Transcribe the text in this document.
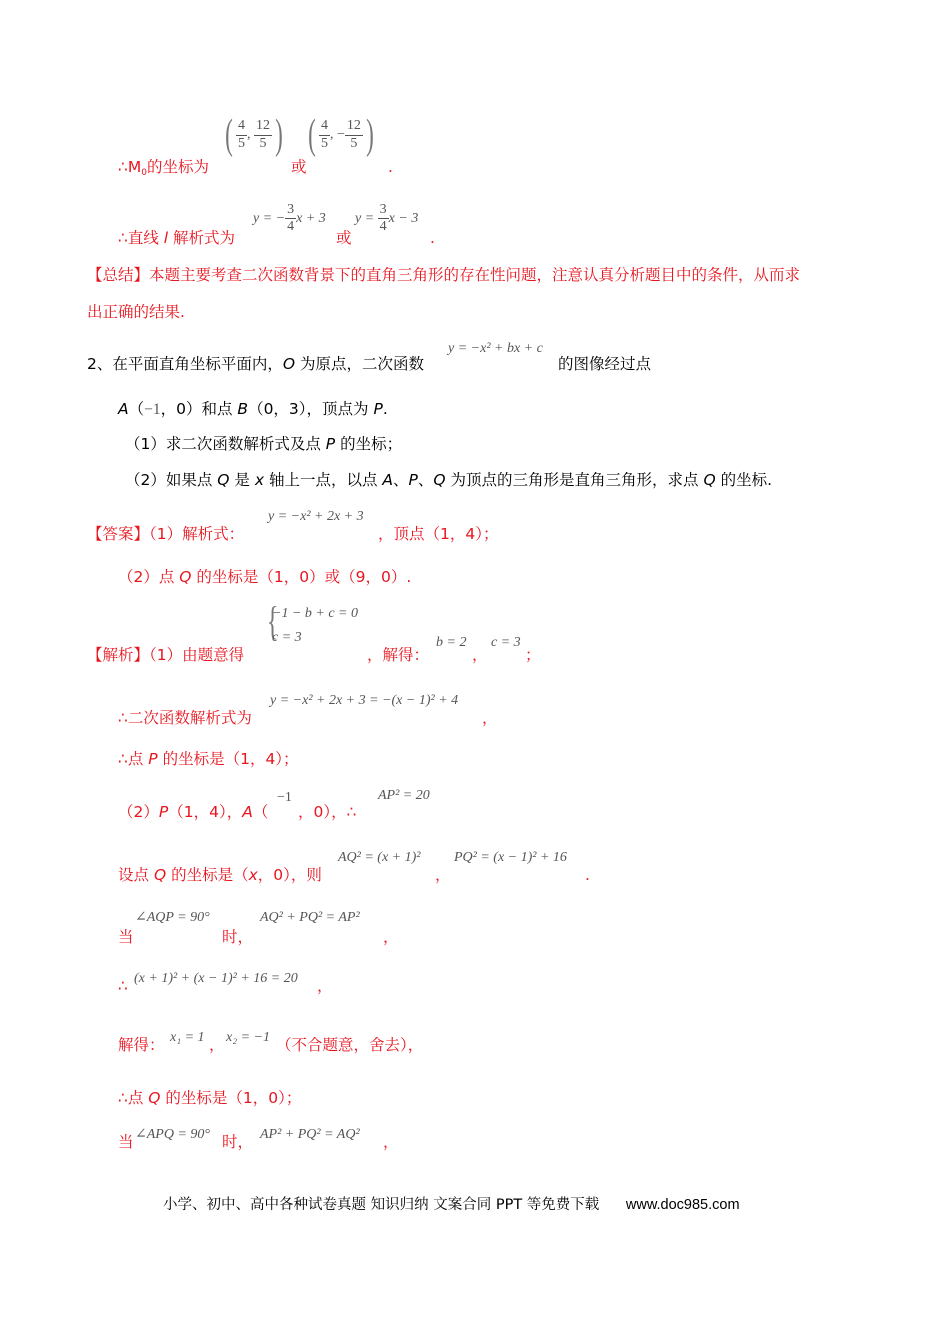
$\therefore M_0$的坐标为
( $\frac{4}{5}$ , $\frac{12}{5}$ )
或
( $\frac{4}{5}$ , − $\frac{12}{5}$ )
.
∴直线 l 解析式为
y = − $\frac{3}{4}$ x + 3
或
$y = \frac{3}{4}$ x − 3
.
【总结】本题主要考查二次函数背景下的直角三角形的存在性问题，注意认真分析题目中的条件，从而求
出正确的结果.
2、在平面直角坐标平面内，O 为原点，二次函数
y = −x² + bx + c
的图像经过点
A（−1，0）和点 B（0，3），顶点为 P.
（1）求二次函数解析式及点 P 的坐标；
（2）如果点 Q 是 x 轴上一点，以点 A、P、Q 为顶点的三角形是直角三角形，求点 Q 的坐标.
【答案】（1）解析式：
y = −x² + 2x + 3
，顶点（1，4）；
（2）点 Q 的坐标是（1，0）或（9，0）.
【解析】（1）由题意得
{
−1 − b + c = 0
c = 3
，解得：
b = 2
，
c = 3
；
∴二次函数解析式为
y = −x² + 2x + 3 = −(x − 1)² + 4
，
∴点 P 的坐标是（1，4）；
（2）P（1，4），A（
−1
，0），∴
AP² = 20
设点 Q 的坐标是（x，0），则
AQ² = (x + 1)²
，
PQ² = (x − 1)² + 16
.
当
∠AQP = 90°
时，
AQ² + PQ² = AP²
，
∴ (x + 1)² + (x − 1)² + 16 = 20 ，
解得： x₁ = 1 ， x₂ = −1 （不合题意，舍去），
∴点 Q 的坐标是（1，0）；
当 ∠APQ = 90° 时， AP² + PQ² = AQ² ，
小学、初中、高中各种试卷真题 知识归纳 文案合同 PPT 等免费下载 www.doc985.com
